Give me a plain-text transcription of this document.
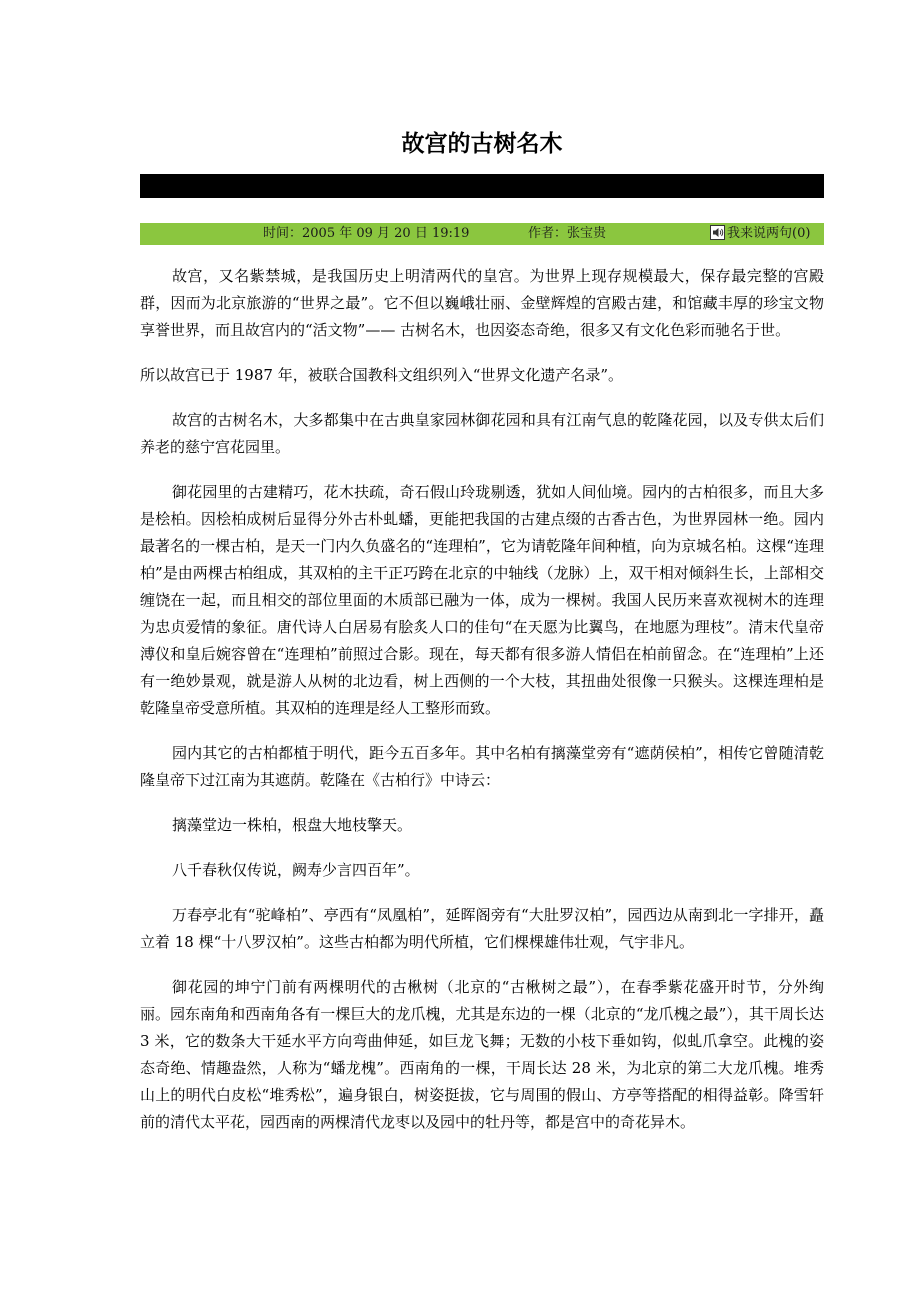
故宫的古树名木
时间：2005 年 09 月 20 日 19:19	作者：张宝贵	我来说两句(0)

故宫，又名紫禁城，是我国历史上明清两代的皇宫。为世界上现存规模最大，保存最完整的宫殿群，因而为北京旅游的“世界之最”。它不但以巍峨壮丽、金壁辉煌的宫殿古建，和馆藏丰厚的珍宝文物享誉世界，而且故宫内的“活文物”—— 古树名木，也因姿态奇绝，很多又有文化色彩而驰名于世。

所以故宫已于 1987 年，被联合国教科文组织列入“世界文化遗产名录”。

故宫的古树名木，大多都集中在古典皇家园林御花园和具有江南气息的乾隆花园，以及专供太后们养老的慈宁宫花园里。

御花园里的古建精巧，花木扶疏，奇石假山玲珑剔透，犹如人间仙境。园内的古柏很多，而且大多是桧柏。因桧柏成树后显得分外古朴虬蟠，更能把我国的古建点缀的古香古色，为世界园林一绝。园内最著名的一棵古柏，是天一门内久负盛名的“连理柏”，它为请乾隆年间种植，向为京城名柏。这棵“连理柏”是由两棵古柏组成，其双柏的主干正巧跨在北京的中轴线（龙脉）上，双干相对倾斜生长，上部相交缠饶在一起，而且相交的部位里面的木质部已融为一体，成为一棵树。我国人民历来喜欢视树木的连理为忠贞爱情的象征。唐代诗人白居易有脍炙人口的佳句“在天愿为比翼鸟，在地愿为理枝”。清末代皇帝溥仪和皇后婉容曾在“连理柏”前照过合影。现在，每天都有很多游人情侣在柏前留念。在“连理柏”上还有一绝妙景观，就是游人从树的北边看，树上西侧的一个大枝，其扭曲处很像一只猴头。这棵连理柏是乾隆皇帝受意所植。其双柏的连理是经人工整形而致。

园内其它的古柏都植于明代，距今五百多年。其中名柏有摛藻堂旁有“遮荫侯柏”，相传它曾随清乾隆皇帝下过江南为其遮荫。乾隆在《古柏行》中诗云：

摛藻堂边一株柏，根盘大地枝擎天。

八千春秋仅传说，阙寿少言四百年”。

万春亭北有“驼峰柏”、亭西有“凤凰柏”，延晖阁旁有“大肚罗汉柏”，园西边从南到北一字排开，矗立着 18 棵“十八罗汉柏”。这些古柏都为明代所植，它们棵棵雄伟壮观，气宇非凡。

御花园的坤宁门前有两棵明代的古楸树（北京的“古楸树之最”），在春季紫花盛开时节，分外绚丽。园东南角和西南角各有一棵巨大的龙爪槐，尤其是东边的一棵（北京的“龙爪槐之最”），其干周长达 3 米，它的数条大干延水平方向弯曲伸延，如巨龙飞舞；无数的小枝下垂如钩，似虬爪拿空。此槐的姿态奇绝、情趣盎然，人称为“蟠龙槐”。西南角的一棵，干周长达 28 米，为北京的第二大龙爪槐。堆秀山上的明代白皮松“堆秀松”，遍身银白，树姿挺拔，它与周围的假山、方亭等搭配的相得益彰。降雪轩前的清代太平花，园西南的两棵清代龙枣以及园中的牡丹等，都是宫中的奇花异木。
